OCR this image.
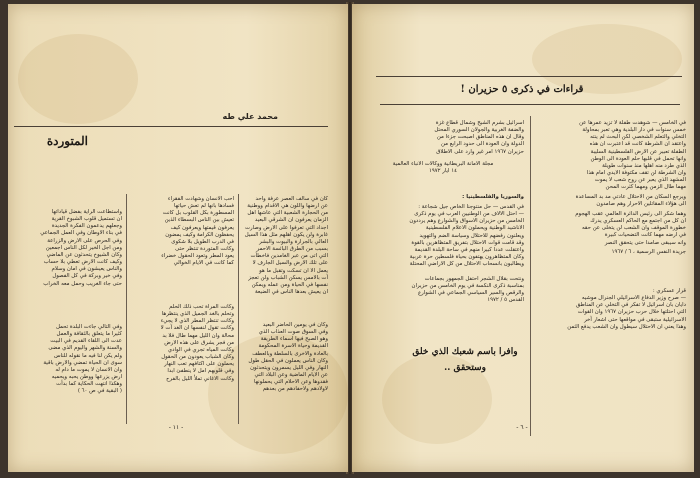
محمد علي طه
المتوردة
كان في سالف العصر عرفة واحد
عن ارضها واللون هي الاقدام ووطنية
من الحجارة الشعبية التي عاشها اهل
الزمان يعرفون ان الشرقي البعيد
اجداد التي تعرفوا على الارض وصارت
غابرة ولن يكون اهلهم مثل هذا السيل
العالي بالجرارة والبيوت والبشر
بسبب من الطرق البائسة الاحمر
التي اتى من عبر الغامدين فاخطأت
على تلك الارض والسيل الجارف لا
يعمل الا ان تسكت وتقبل ما هو
آت بالامس يسكن الشباب ولن تعجز
نفسها في الحياة ومن عمله ويمكن
ان يعيش بعدها الناس في الضيعة
وكان في يومين الحاضر البعيد
وفي السوق صوت العذاب الذي
وهو الصبح فيها اسماء الطريقة
القديمة وحياة الاسرة المحكومة
بالعادة والاخرى بالسلطة وبالعطف
وكان الناس يعملون في الحقل طول
النهار وفي الليل يسمرون ويتحدثون
عن الايام الماضية وعن البلاد التي
فقدوها وعن الاحلام التي يحملونها
لاولادهم ولاحفادهم من بعدهم
احب الانسان وشهادت الفقراء
فسادها بانها لم تعش حياتها
المسطورة بكل القلوب بل كانت
تعيش بين الناس البسطاء الذين
يعرفون قيمتها ويعرفون كيف
يحفظون الكرامة وكيف يمضون
في الدرب الطويل بلا شكوى
وكانت المتوردة تنتظر حتى
يعود المطر وتعود الحقول خضراء
كما كانت في الايام الخوالي
وكانت المرأة تحب ذلك الحلم
وتحلم بالغد الجميل الذي ينتظرها
وكانت تنتظر المطر الذي لا يجيء
وكانت تقول لنفسها ان الغد آت لا
محالة وان الليل مهما طال فلا بد
من فجر يشرق على هذه الارض
وكانت المياه تجري في الوادي
وكان الشباب يعودون من الحقول
يحملون على اكتافهم تعب النهار
وفي قلوبهم امل لا ينطفئ ابدا
وكانت الاغاني تملأ الليل بالفرح
واستطاعت الراية بفضل قياداتها
ان تستميل قلوب الشبوخ القرية
وجعلهم يدعمون الفكرة الجديدة
في بناء الاوطان وفي العمل الجماعي
وفي الحرص على الارض والزراعة
ومن اجل الخير لكل الناس اجمعين
وكان الشيوخ يتحدثون عن الماضي
وكيف كانت الارض تعطي بلا حساب
والناس يعيشون في امان وسلام
وفي خير وبركة في كل الفصول
حتى جاء الغريب وحمل معه الخراب
وفي التالي جاءت البلدة تحمل
كثيرا ما يتعلق بالثقافة والعمل
عدت الى اللقاء القديم في البيت
والسنة والشهر واليوم الذي مضى
ولم يكن لنا فيه ما نقوله للناس
سوى ان الحياة تمضي والارض باقية
وان الانسان لا يموت ما دام له
ارض يزرعها ووطن يحبه ويحميه
وهكذا انتهت الحكاية كما بدأت
( البقية في ص ٦٠ )
- ١١ -
قراءات في ذكرى ٥ حزيران !
في الخامس — شوهدت طفلة لا تزيد عمرها عن
خمس سنوات في دار البلدية وهي تعبر بمحاولة
التخلي والتعلم الشخصي لكن البحث لم ينته
واعتقد ان الشرطة كانت قد اعتبرت ان هذه
الطفلة تعبير عن الارض الفلسطينية السليبة
وانها تحمل في قلبها حلم العودة الى الوطن
الذي طرد منه اهلها منذ سنوات طويلة
وان الشرطة لن تقف مكتوفة الايدي امام هذا
المشهد الذي يعبر عن روح شعب لا يموت
مهما طال الزمن ومهما كثرت المحن
ويرجع السكان من الاحتلال عادتي مد بد المساعدة
الى هؤلاء المقاتلين الاحرار وهم صامدون
وهما شكر الى رئيس الدائرة العالمي عقب الهجوم
ان كل من اجتمع مع الحاكم العسكري يدرك
خطورة الموقف وان الشعب لن يتخلى عن حقه
في ارضه مهما كانت التضحيات كبيرة
وانه سيبقى صامدا حتى يتحقق النصر
جريدة النفس الرسمية ، ٦ / ١٩٦٧
قرار عسكري :
— صرح وزير الدفاع الاسرائيلي الجنرال موشيه
دايان بان اسرائيل لا تفكر في التخلي عن المناطق
التي احتلتها خلال حرب حزيران ١٩٦٧ وان القوات
الاسرائيلية ستبقى في مواقعها حتى اشعار آخر
وهذا يعني ان الاحتلال سيطول وان الشعب يدفع الثمن
اسرائيل بشرم الشيخ وشمال قطاع غزة
والضفة الغربية والجولان السوري المحتل
وقال ان هذه المناطق اصبحت جزءا من
الدولة وان العودة الى حدود الرابع من
حزيران ١٩٦٧ امر غير وارد على الاطلاق
مجلة الامانة البريطانية ووكالات الانباء العالمية
١٤ ايار ١٩٧٢
والسوريا والفلسطينيا :
في القدس — حل منتوجنا الخاص جيل شجاعة :
— احتل الالاف من الوطنيين العرب في يوم ذكرى
الخامس من حزيران الاسواق والشوارع وهم يرددون
الاناشيد الوطنية ويحملون الاعلام الفلسطينية
ويعلنون رفضهم للاحتلال وسياسة الضم والتهويد
وقد قامت قوات الاحتلال بتفريق المتظاهرين بالقوة
واعتقلت عددا كبيرا منهم في ساحة البلدة القديمة
وكان المتظاهرون يهتفون بحياة فلسطين حرة عربية
ويطالبون بانسحاب الاحتلال من كل الاراضي المحتلة
ونتحت بقلال الشجر احتفل الجمهور بجماعات
بمناسبة ذكرى النكسة في يوم الخامس من حزيران
والرقص والسير السياسي الجماعي في الشوارع
القدس ٥ / ١٩٧٢
وافرا باسم شعبك الذي خلق
وستحقق ..
- ٦ -
